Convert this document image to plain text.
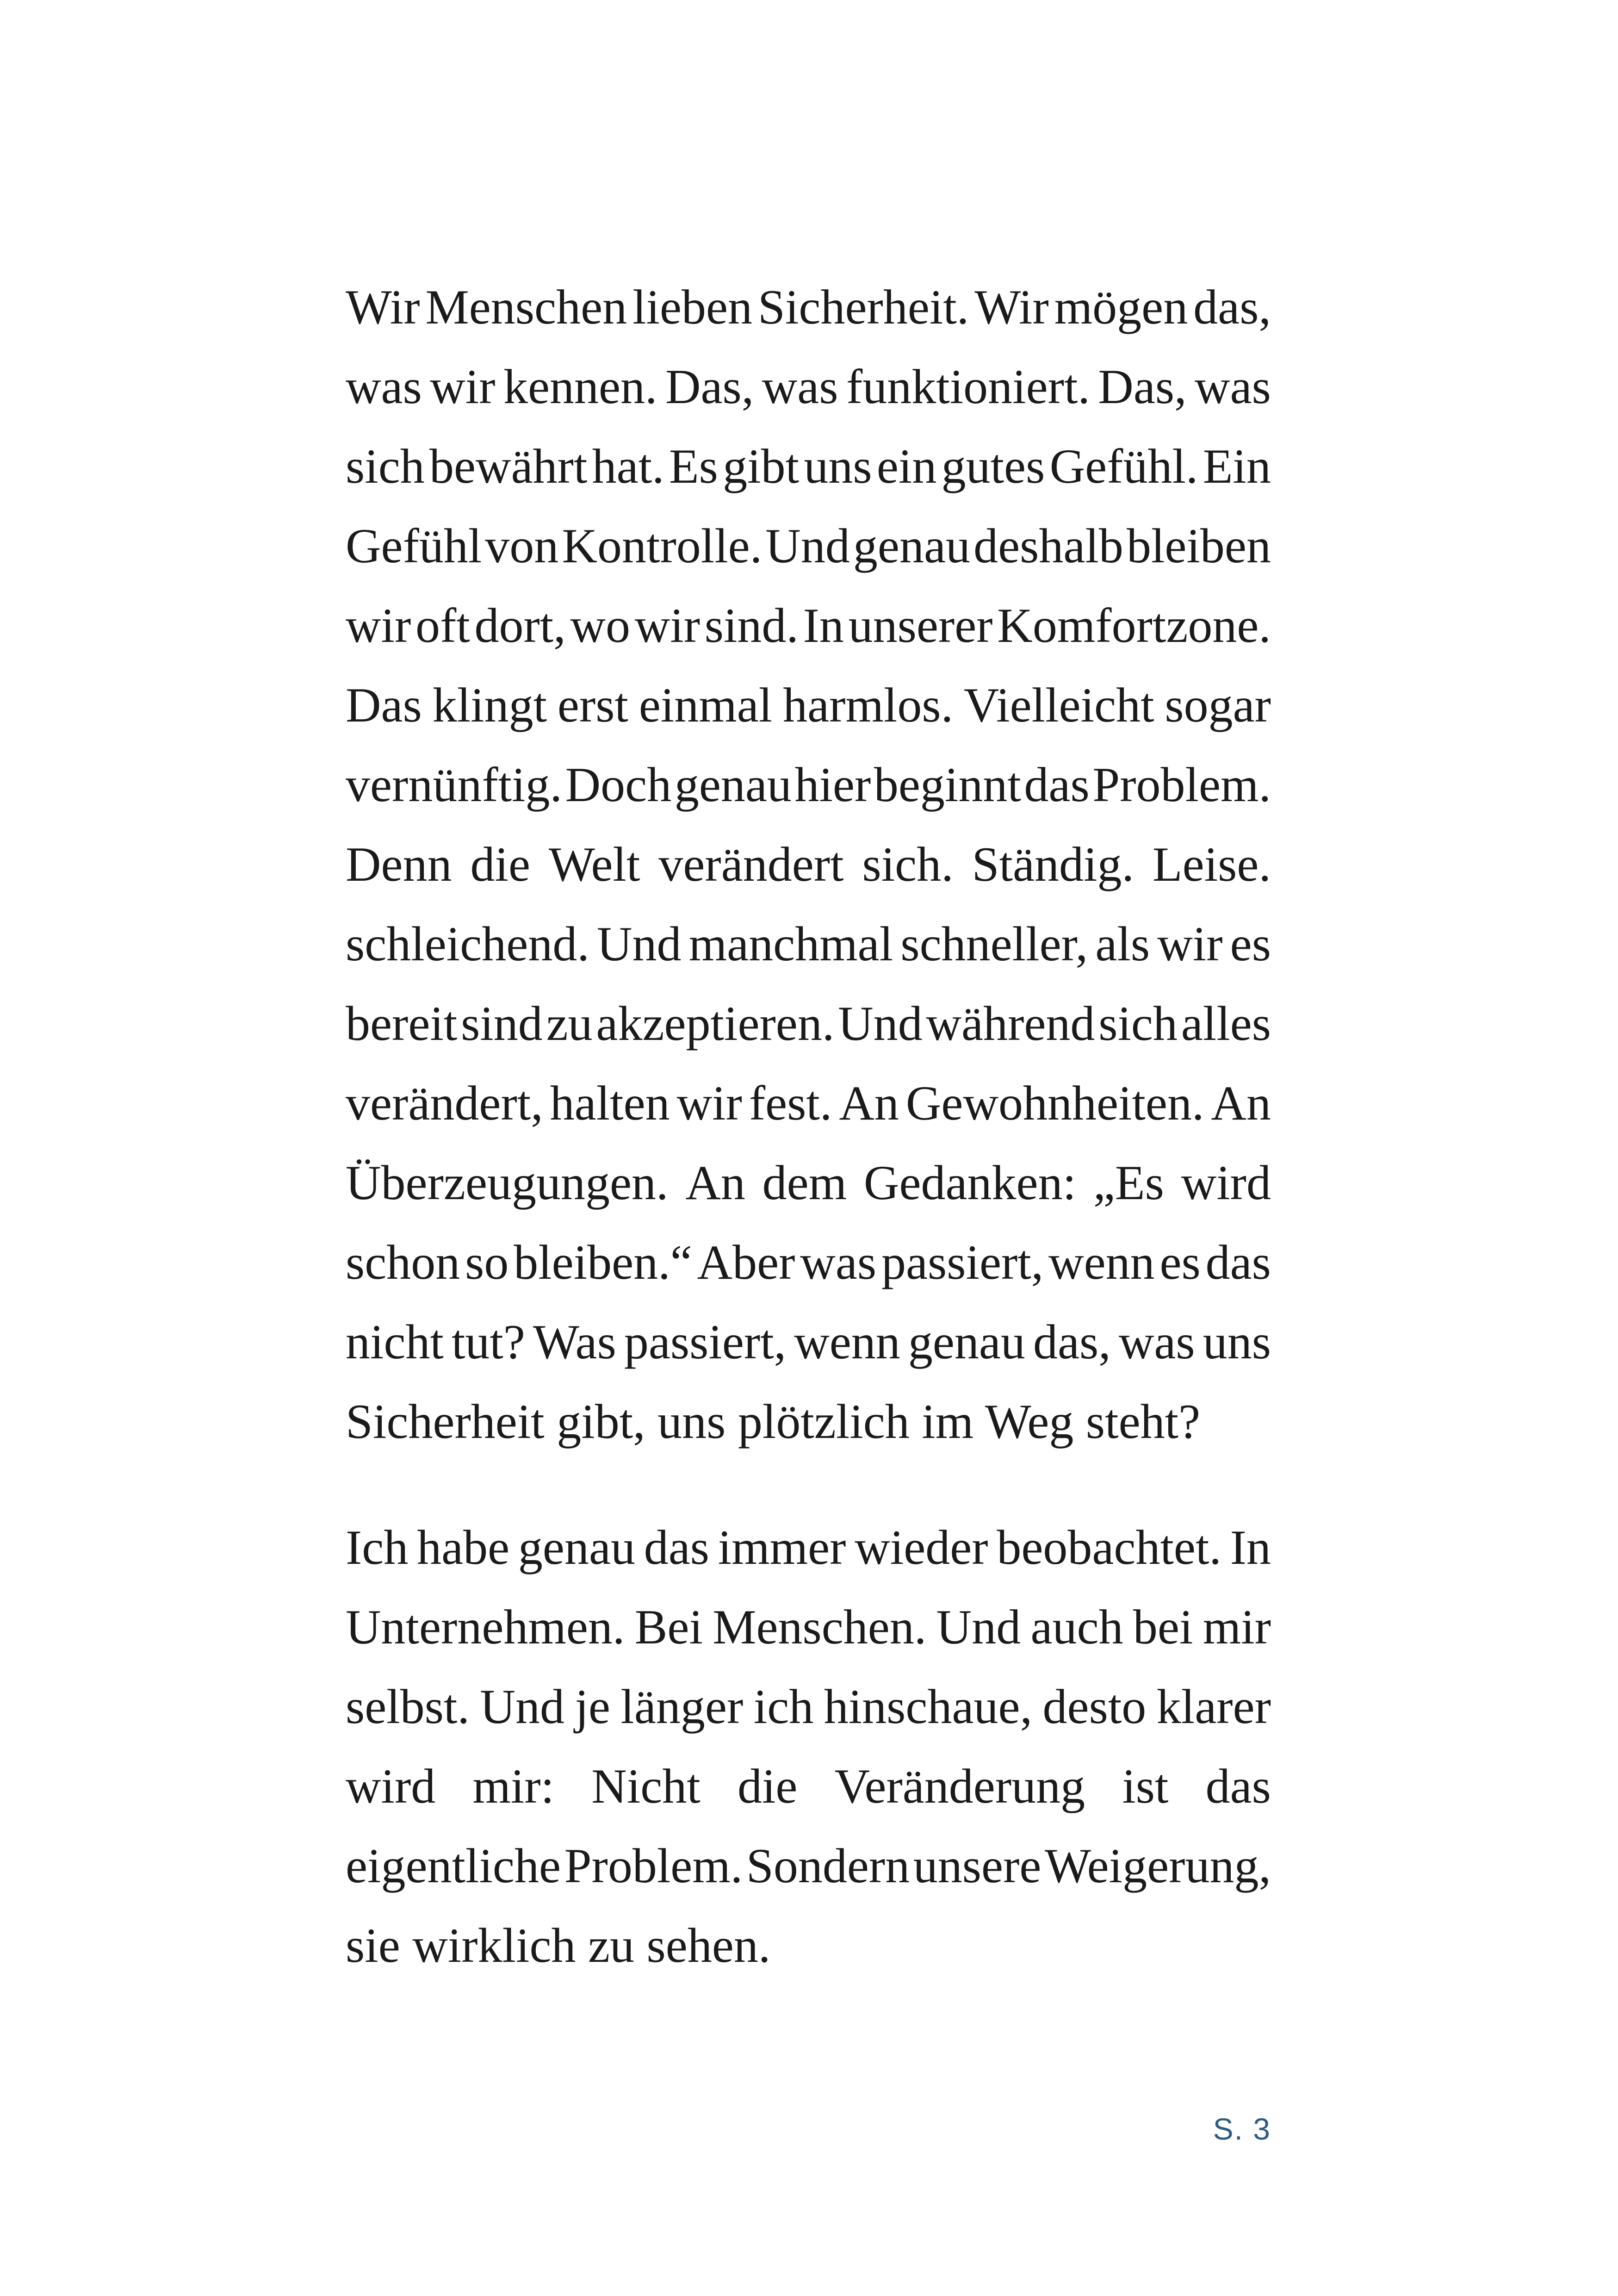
Wir Menschen lieben Sicherheit. Wir mögen das,
was wir kennen. Das, was funktioniert. Das, was
sich bewährt hat. Es gibt uns ein gutes Gefühl. Ein
Gefühl von Kontrolle. Und genau deshalb bleiben
wir oft dort, wo wir sind. In unserer Komfortzone.
Das klingt erst einmal harmlos. Vielleicht sogar
vernünftig. Doch genau hier beginnt das Problem.
Denn die Welt verändert sich. Ständig. Leise.
schleichend. Und manchmal schneller, als wir es
bereit sind zu akzeptieren. Und während sich alles
verändert, halten wir fest. An Gewohnheiten. An
Überzeugungen. An dem Gedanken: „Es wird
schon so bleiben.“ Aber was passiert, wenn es das
nicht tut? Was passiert, wenn genau das, was uns
Sicherheit gibt, uns plötzlich im Weg steht?
Ich habe genau das immer wieder beobachtet. In
Unternehmen. Bei Menschen. Und auch bei mir
selbst. Und je länger ich hinschaue, desto klarer
wird mir: Nicht die Veränderung ist das
eigentliche Problem. Sondern unsere Weigerung,
sie wirklich zu sehen.
S. 3
